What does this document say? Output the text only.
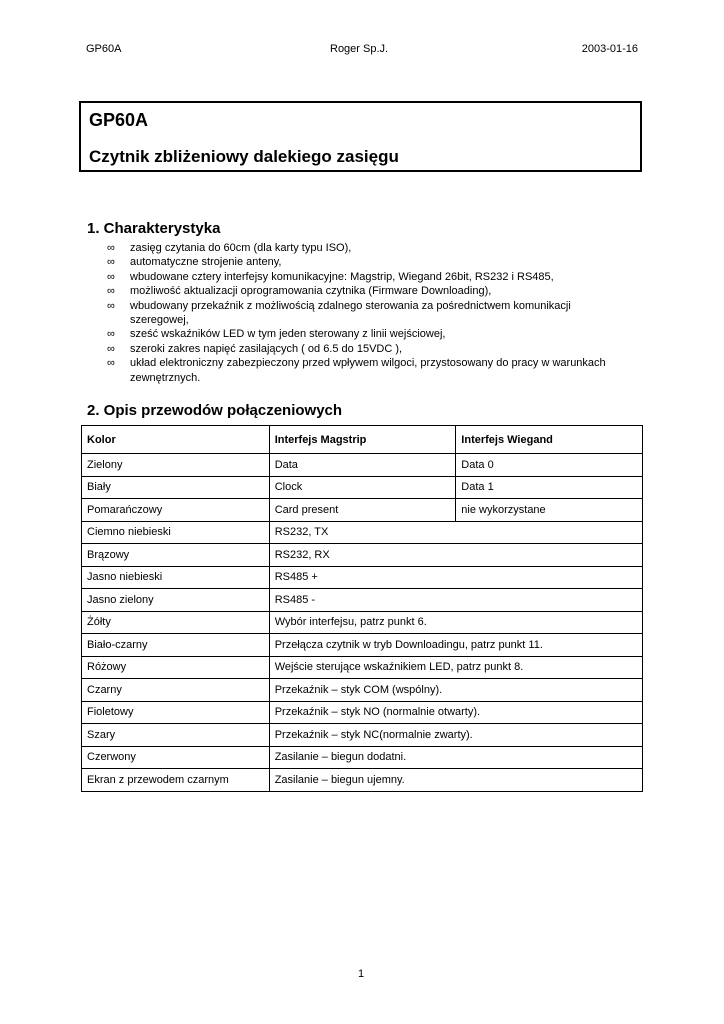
GP60A	Roger Sp.J.	2003-01-16
GP60A
Czytnik zbliżeniowy dalekiego zasięgu
1. Charakterystyka
∞ zasięg czytania do 60cm (dla karty typu ISO),
∞ automatyczne strojenie anteny,
∞ wbudowane cztery interfejsy komunikacyjne: Magstrip, Wiegand 26bit, RS232 i RS485,
∞ możliwość aktualizacji oprogramowania czytnika (Firmware Downloading),
∞ wbudowany przekaźnik z możliwością zdalnego sterowania za pośrednictwem komunikacji szeregowej,
∞ sześć wskaźników LED w tym jeden sterowany z linii wejściowej,
∞ szeroki zakres napięć zasilających ( od 6.5 do 15VDC ),
∞ układ elektroniczny zabezpieczony przed wpływem wilgoci, przystosowany do pracy w warunkach zewnętrznych.
2. Opis przewodów połączeniowych
Kolor	Interfejs Magstrip	Interfejs Wiegand
Zielony	Data	Data 0
Biały	Clock	Data 1
Pomarańczowy	Card present	nie wykorzystane
Ciemno niebieski	RS232, TX	
Brązowy	RS232, RX	
Jasno niebieski	RS485 +	
Jasno zielony	RS485 -	
Żółty	Wybór interfejsu, patrz punkt 6.	
Biało-czarny	Przełącza czytnik w tryb Downloadingu, patrz punkt 11.	
Różowy	Wejście sterujące wskaźnikiem LED, patrz punkt 8.	
Czarny	Przekaźnik – styk COM (wspólny).	
Fioletowy	Przekaźnik – styk NO (normalnie otwarty).	
Szary	Przekaźnik – styk NC(normalnie zwarty).	
Czerwony	Zasilanie – biegun dodatni.	
Ekran z przewodem czarnym	Zasilanie – biegun ujemny.	
1
